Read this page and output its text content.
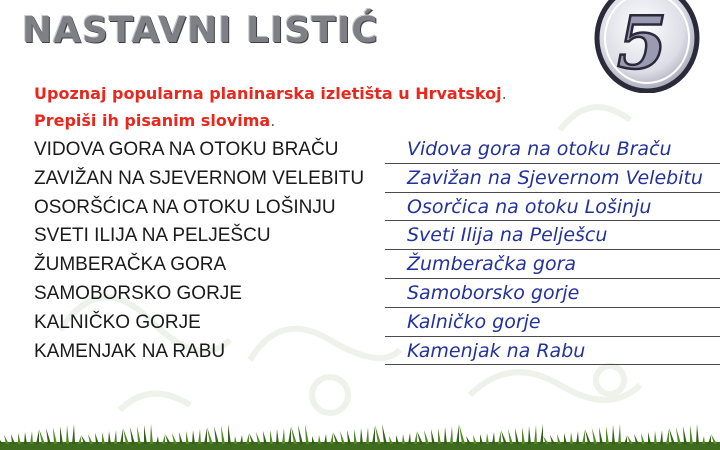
NASTAVNI LISTIĆ	5
Upoznaj popularna planinarska izletišta u Hrvatskoj.
Prepiši ih pisanim slovima.
VIDOVA GORA NA OTOKU BRAČU
ZAVIŽAN NA SJEVERNOM VELEBITU
OSORŠĆICA NA OTOKU LOŠINJU
SVETI ILIJA NA PELJEŠCU
ŽUMBERAČKA GORA
SAMOBORSKO GORJE
KALNIČKO GORJE
KAMENJAK NA RABU
Vidova gora na otoku Braču
Zavižan na Sjevernom Velebitu
Osorčica na otoku Lošinju
Sveti Ilija na Pelješcu
Žumberačka gora
Samoborsko gorje
Kalničko gorje
Kamenjak na Rabu
